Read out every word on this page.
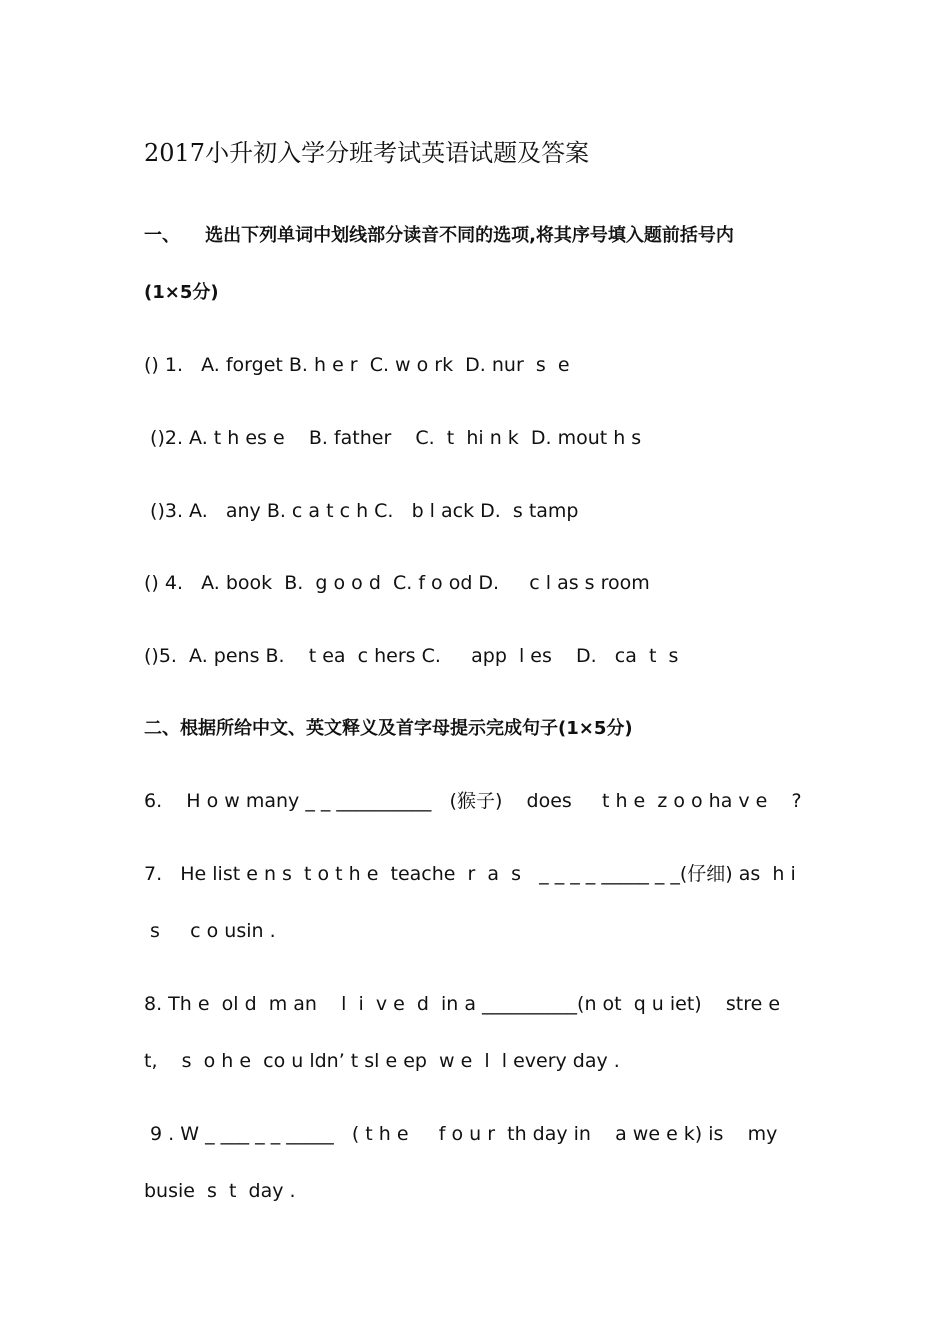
2017小升初入学分班考试英语试题及答案
一、    选出下列单词中划线部分读音不同的选项,将其序号填入题前括号内
(1×5分)
() 1.   A. forget B. h e r  C. w o rk  D. nur  s  e
()2. A. t h es e    B. father    C.  t  hi n k  D. mout h s
()3. A.   any B. c a t c h C.   b l ack D.  s tamp
() 4.   A. book  B.  g o o d  C. f o od D.     c l as s room
()5.  A. pens B.    t ea  c hers C.     app  l es    D.   ca  t  s
二、根据所给中文、英文释义及首字母提示完成句子(1×5分)
6.    H o w many _ _ __________   (猴子)    does     t h e  z o o ha v e    ?
7.   He list e n s  t o t h e  teache  r  a  s   _ _ _ _ _____ _ _(仔细) as  h i
s     c o usin .
8. Th e  ol d  m an    l  i  v e  d  in a __________(n ot  q u iet)    stre e
t,    s  o h e  co u ldn’ t sl e ep  w e  l  l every day .
9 . W _ ___ _ _ _____   ( t h e     f o u r  th day in    a we e k) is    my
busie  s  t  day .
